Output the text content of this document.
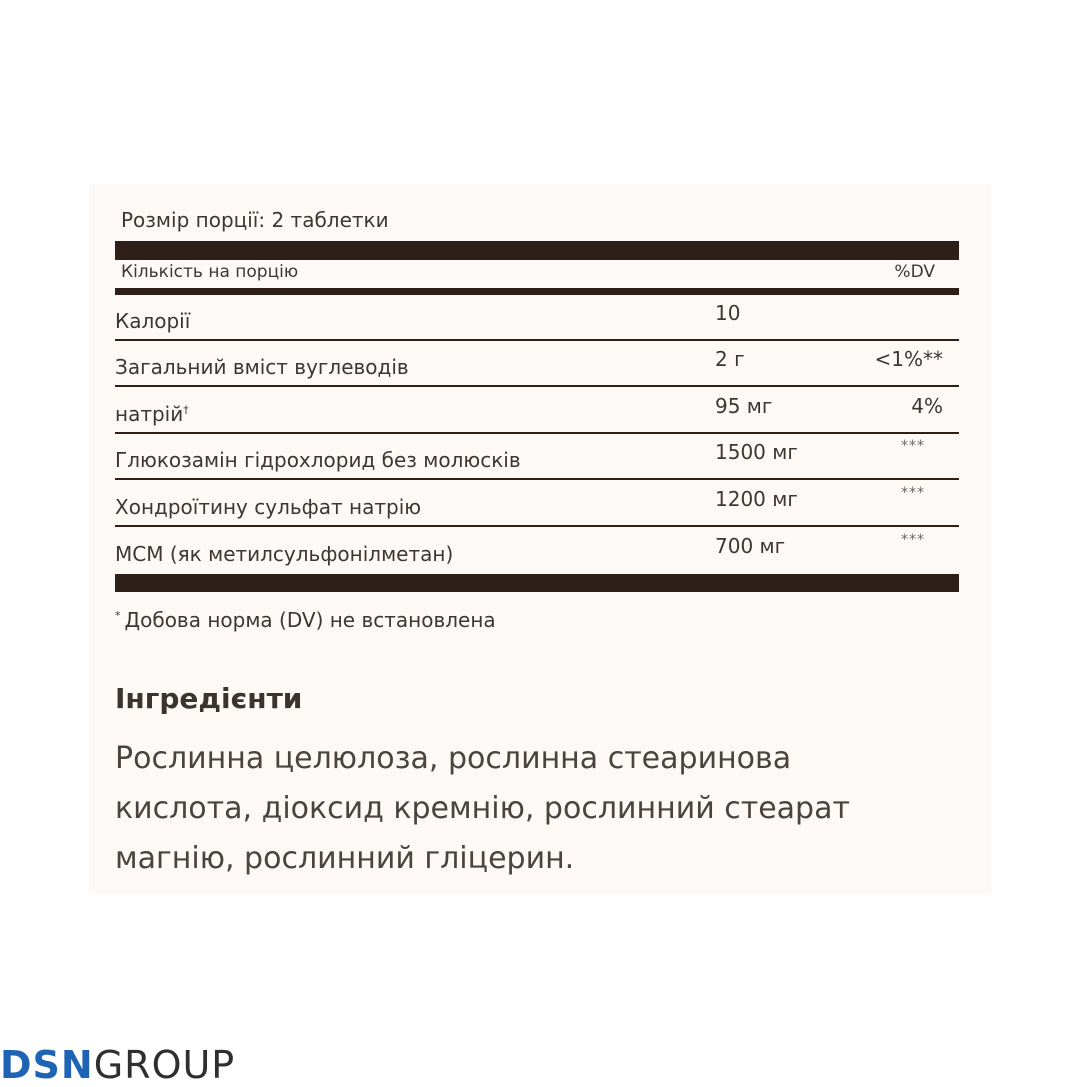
Розмір порції: 2 таблетки
Кількість на порцію	%DV
Калорії	10
Загальний вміст вуглеводів	2 г	<1%**
натрій†	95 мг	4%
Глюкозамін гідрохлорид без молюсків	1500 мг	***
Хондроїтину сульфат натрію	1200 мг	***
МСМ (як метилсульфонілметан)	700 мг	***
* Добова норма (DV) не встановлена
Інгредієнти
Рослинна целюлоза, рослинна стеаринова кислота, діоксид кремнію, рослинний стеарат магнію, рослинний гліцерин.
DSNGROUP
